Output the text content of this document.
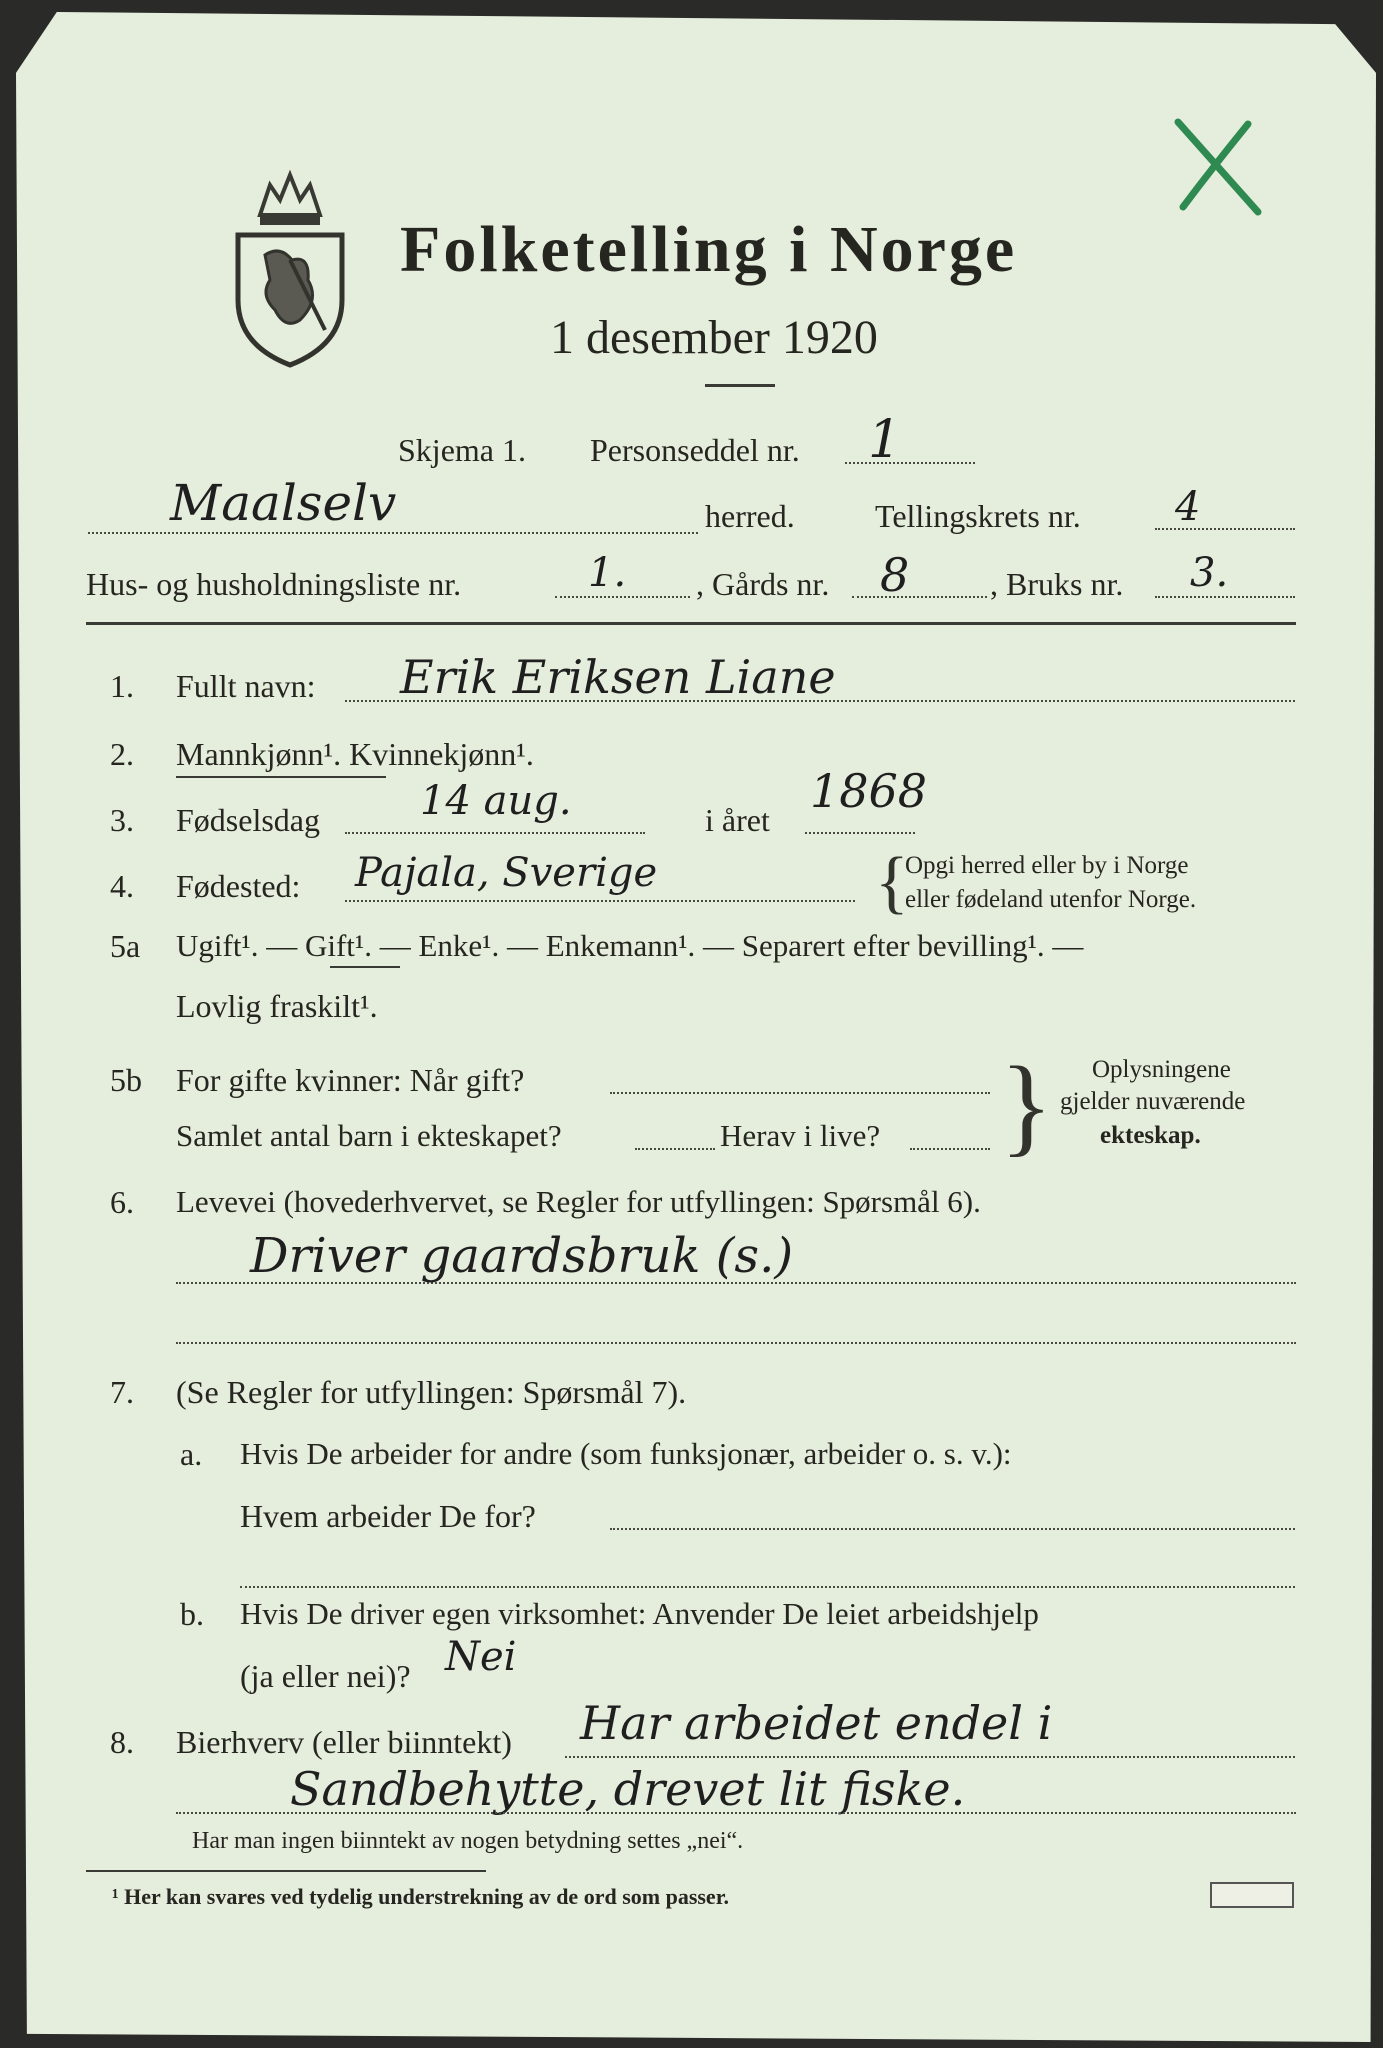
Folketelling i Norge
1 desember 1920
Skjema 1. Personseddel nr. 1
Maalselv	herred.	Tellingskrets nr. 4
Hus- og husholdningsliste nr.	1. , Gårds nr. 8	, Bruks nr. 3.
1. Fullt navn: Erik Eriksen Liane
2. Mannkjønn¹. Kvinnekjønn¹.
3. Fødselsdag	14 aug.	i året
1868
4. Fødested: Pajala, Sverige	{
Opgi herred eller by i Norge
eller fødeland utenfor Norge.
5a Ugift¹. — Gift¹. — Enke¹. — Enkemann¹. — Separert efter bevilling¹. —
Lovlig fraskilt¹.
5b For gifte kvinner: Når gift?
Samlet antal barn i ekteskapet?	Herav i live? } Oplysningene
gjelder nuværende
ekteskap.
6. Levevei (hovederhvervet, se Regler for utfyllingen: Spørsmål 6).
Driver gaardsbruk (s.)
7. (Se Regler for utfyllingen: Spørsmål 7).
a. Hvis De arbeider for andre (som funksjonær, arbeider o. s. v.):
Hvem arbeider De for?
b. Hvis De driver egen virksomhet: Anvender De leiet arbeidshjelp
(ja eller nei)? Nei
8. Bierhverv (eller biinntekt) Har arbeidet endel i
Sandbehytte, drevet lit fiske.
Har man ingen biinntekt av nogen betydning settes „nei“.
¹ Her kan svares ved tydelig understrekning av de ord som passer.
